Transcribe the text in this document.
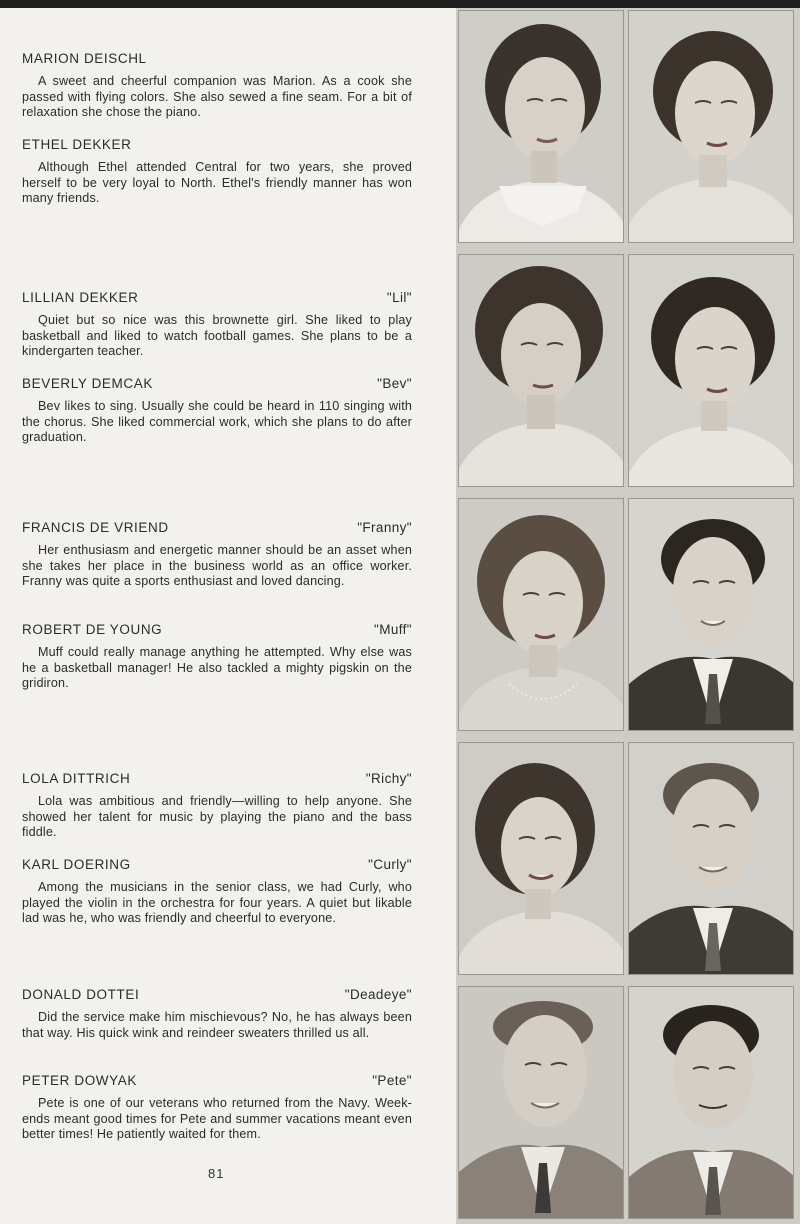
MARION DEISCHL
A sweet and cheerful companion was Marion. As a cook she passed with flying colors. She also sewed a fine seam. For a bit of relaxation she chose the piano.
ETHEL DEKKER
Although Ethel attended Central for two years, she proved herself to be very loyal to North. Ethel's friendly manner has won many friends.
LILLIAN DEKKER	"Lil"
Quiet but so nice was this brownette girl. She liked to play basketball and liked to watch football games. She plans to be a kindergarten teacher.
BEVERLY DEMCAK	"Bev"
Bev likes to sing. Usually she could be heard in 110 singing with the chorus. She liked commercial work, which she plans to do after graduation.
FRANCIS DE VRIEND	"Franny"
Her enthusiasm and energetic manner should be an asset when she takes her place in the business world as an office worker. Franny was quite a sports enthusiast and loved dancing.
ROBERT DE YOUNG	"Muff"
Muff could really manage anything he attempted. Why else was he a basketball manager! He also tackled a mighty pigskin on the gridiron.
LOLA DITTRICH	"Richy"
Lola was ambitious and friendly—willing to help anyone. She showed her talent for music by playing the piano and the bass fiddle.
KARL DOERING	"Curly"
Among the musicians in the senior class, we had Curly, who played the violin in the orchestra for four years. A quiet but likable lad was he, who was friendly and cheerful to everyone.
DONALD DOTTEI	"Deadeye"
Did the service make him mischievous? No, he has always been that way. His quick wink and reindeer sweaters thrilled us all.
PETER DOWYAK	"Pete"
Pete is one of our veterans who returned from the Navy. Week-ends meant good times for Pete and summer vacations meant even better times! He patiently waited for them.
81
